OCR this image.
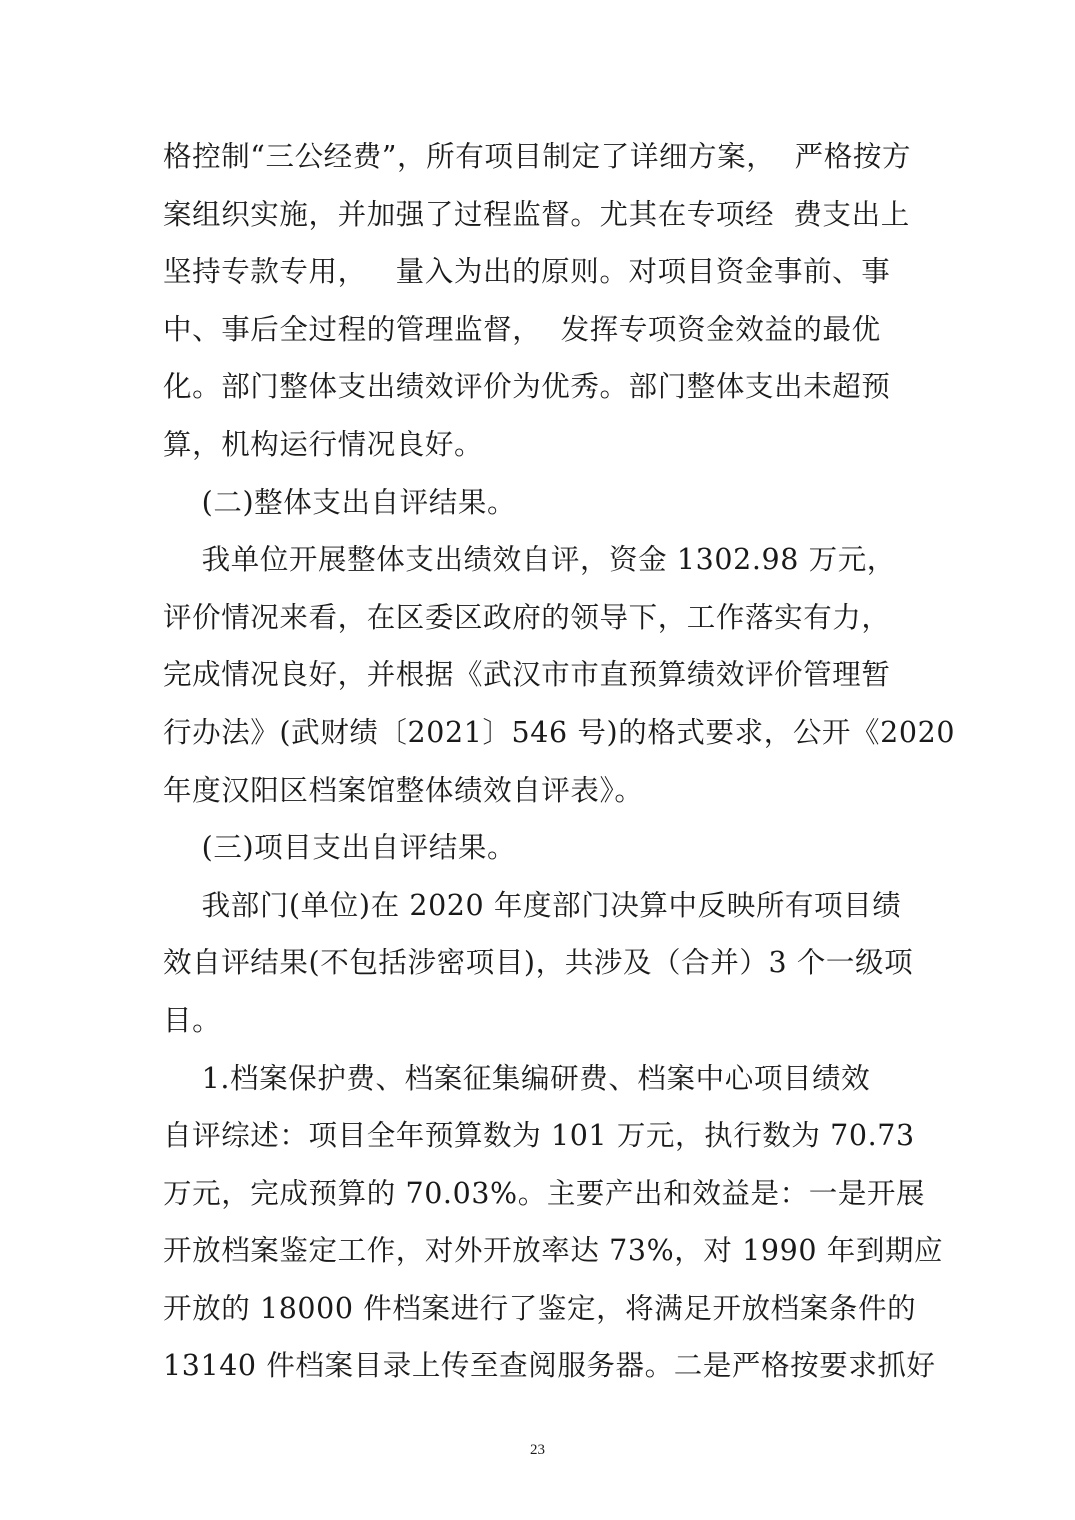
格控制“三公经费”，所有项目制定了详细方案，  严格按方
案组织实施，并加强了过程监督。尤其在专项经  费支出上
坚持专款专用，   量入为出的原则。对项目资金事前、事
中、事后全过程的管理监督，  发挥专项资金效益的最优
化。部门整体支出绩效评价为优秀。部门整体支出未超预
算，机构运行情况良好。
(二)整体支出自评结果。
我单位开展整体支出绩效自评，资金 1302.98 万元，
评价情况来看，在区委区政府的领导下，工作落实有力，
完成情况良好，并根据《武汉市市直预算绩效评价管理暂
行办法》(武财绩〔2021〕546 号)的格式要求，公开《2020
年度汉阳区档案馆整体绩效自评表》。
(三)项目支出自评结果。
我部门(单位)在 2020 年度部门决算中反映所有项目绩
效自评结果(不包括涉密项目)，共涉及（合并）3 个一级项
目。
1.档案保护费、档案征集编研费、档案中心项目绩效
自评综述：项目全年预算数为 101 万元，执行数为 70.73
万元，完成预算的 70.03%。主要产出和效益是：一是开展
开放档案鉴定工作，对外开放率达 73%，对 1990 年到期应
开放的 18000 件档案进行了鉴定，将满足开放档案条件的
13140 件档案目录上传至查阅服务器。二是严格按要求抓好
23
